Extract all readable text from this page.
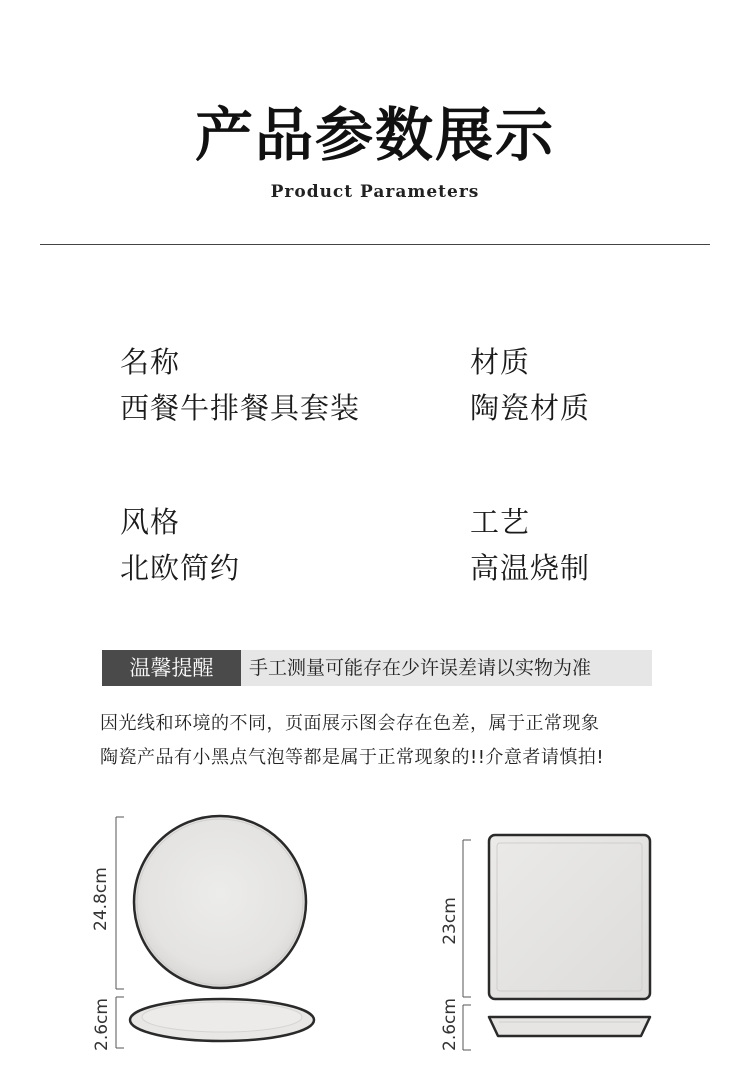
产品参数展示
Product Parameters
名称
西餐牛排餐具套装
材质
陶瓷材质
风格
北欧简约
工艺
高温烧制
温馨提醒	手工测量可能存在少许误差请以实物为准
因光线和环境的不同，页面展示图会存在色差，属于正常现象
陶瓷产品有小黑点气泡等都是属于正常现象的!!介意者请慎拍!
24.8cm
2.6cm
23cm
2.6cm
